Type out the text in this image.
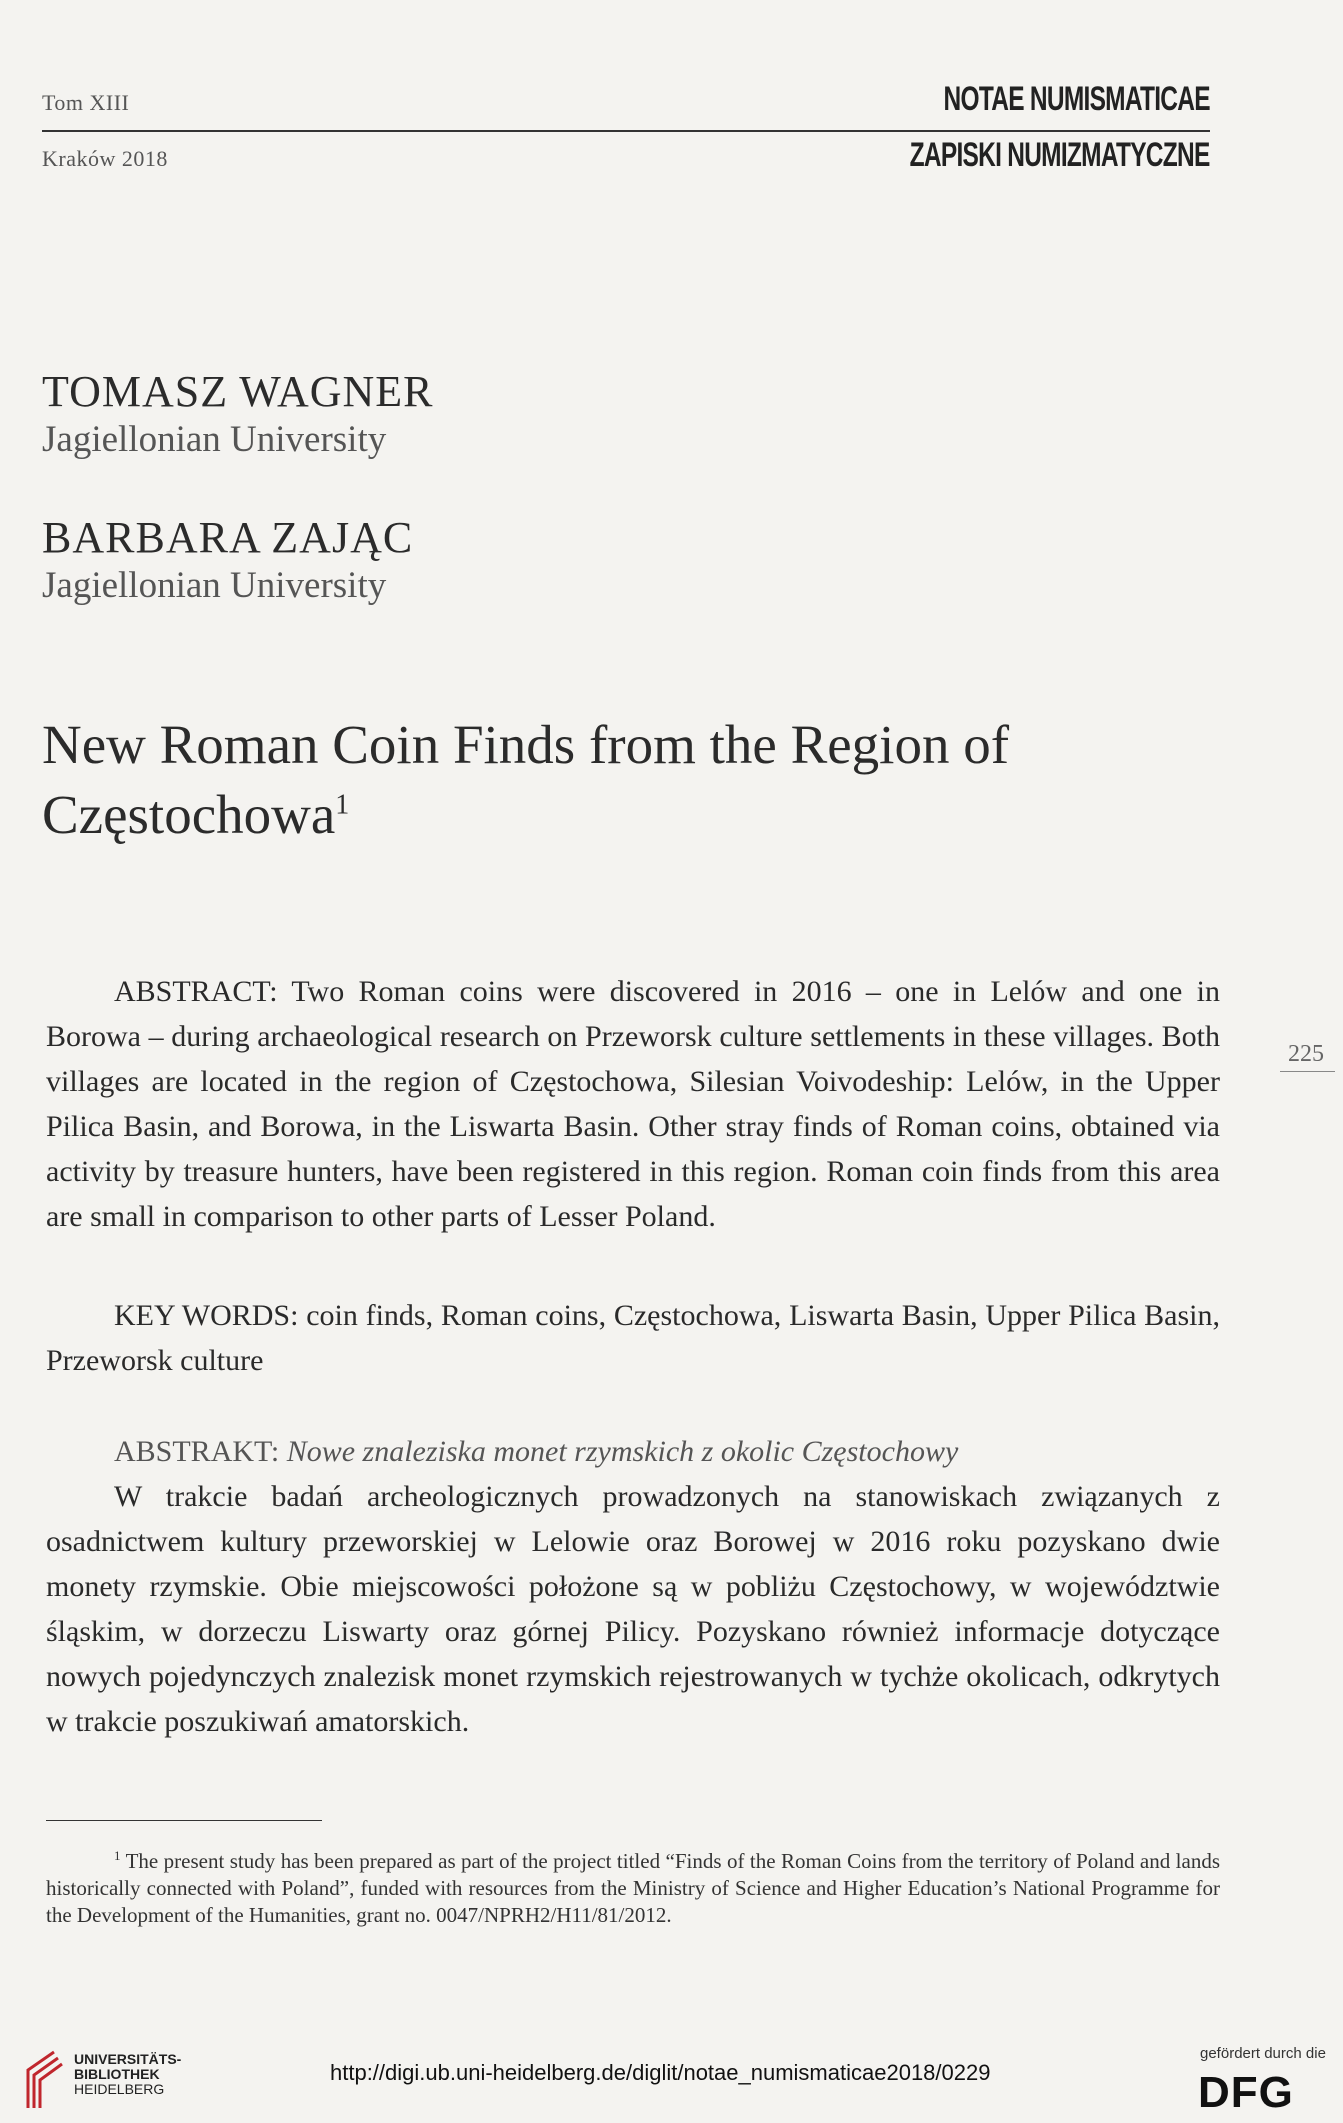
Tom XIII	NOTAE NUMISMATICAE
Kraków 2018	ZAPISKI NUMIZMATYCZNE
TOMASZ WAGNER
Jagiellonian University
BARBARA ZAJĄC
Jagiellonian University
New Roman Coin Finds from the Region of
Częstochowa$^1$
ABSTRACT: Two Roman coins were discovered in 2016 – one in Lelów and one in Borowa – during archaeological research on Przeworsk culture settlements in these villages. Both villages are located in the region of Częstochowa, Silesian Voivodeship: Lelów, in the Upper Pilica Basin, and Borowa, in the Liswarta Basin. Other stray finds of Roman coins, obtained via activity by treasure hunters, have been registered in this region. Roman coin finds from this area are small in comparison to other parts of Lesser Poland.
KEY WORDS: coin finds, Roman coins, Częstochowa, Liswarta Basin, Upper Pilica Basin, Przeworsk culture
ABSTRAKT: Nowe znaleziska monet rzymskich z okolic Częstochowy
W trakcie badań archeologicznych prowadzonych na stanowiskach związanych z osadnictwem kultury przeworskiej w Lelowie oraz Borowej w 2016 roku pozyskano dwie monety rzymskie. Obie miejscowości położone są w pobliżu Częstochowy, w województwie śląskim, w dorzeczu Liswarty oraz górnej Pilicy. Pozyskano również informacje dotyczące nowych pojedynczych znalezisk monet rzymskich rejestrowanych w tychże okolicach, odkrytych w trakcie poszukiwań amatorskich.
225
$^1$ The present study has been prepared as part of the project titled “Finds of the Roman Coins from the territory of Poland and lands historically connected with Poland”, funded with resources from the Ministry of Science and Higher Education’s National Programme for the Development of the Humanities, grant no. 0047/NPRH2/H11/81/2012.
UNIVERSITÄTS-
BIBLIOTHEK
HEIDELBERG
http://digi.ub.uni-heidelberg.de/diglit/notae_numismaticae2018/0229
gefördert durch die
DFG
